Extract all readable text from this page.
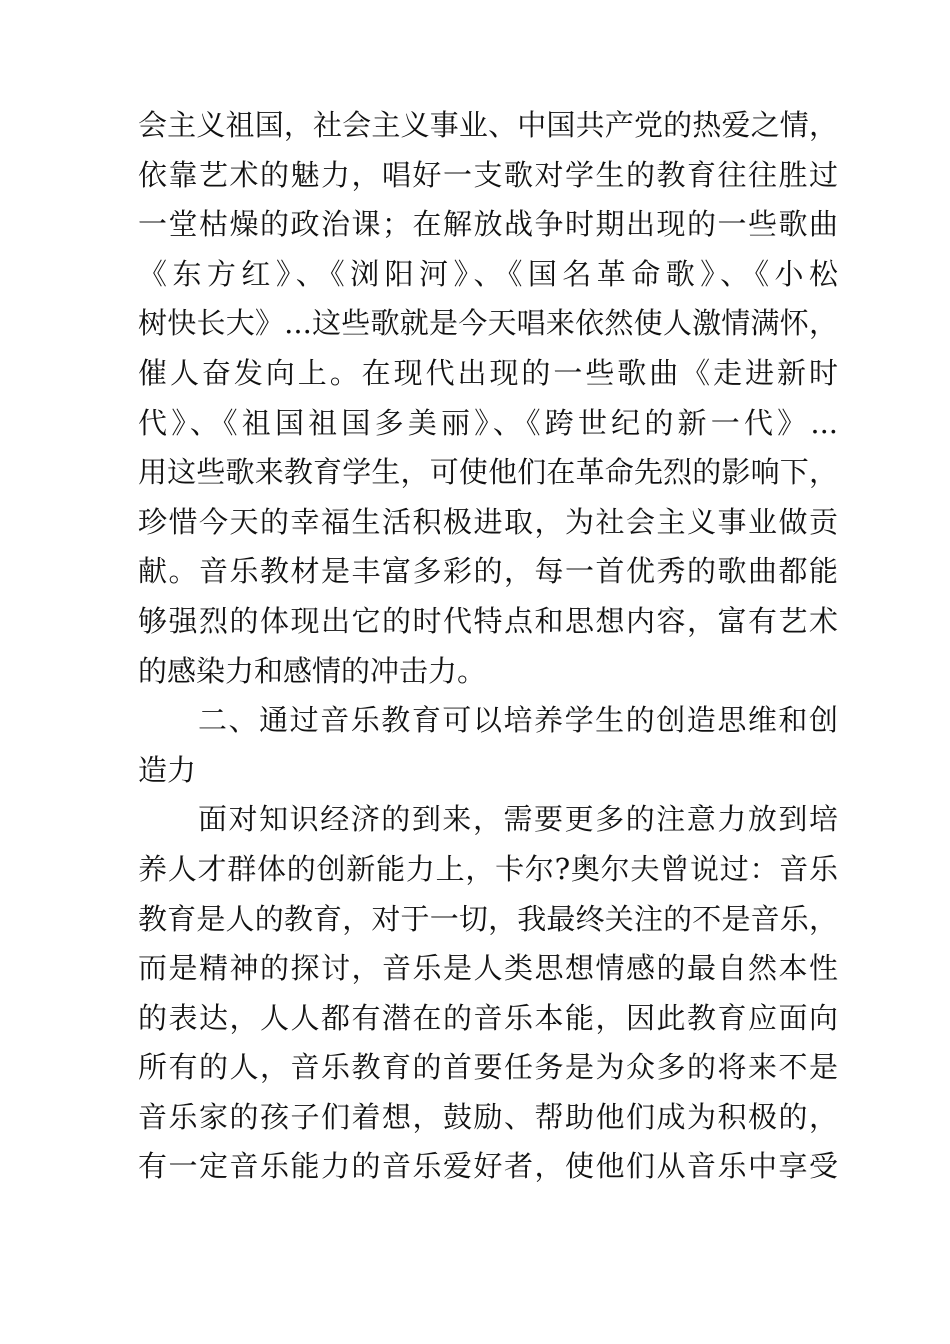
会主义祖国，社会主义事业、中国共产党的热爱之情，
依靠艺术的魅力，唱好一支歌对学生的教育往往胜过
一堂枯燥的政治课；在解放战争时期出现的一些歌曲
《东方红》、《浏阳河》、《国名革命歌》、《小松
树快长大》...这些歌就是今天唱来依然使人激情满怀，
催人奋发向上。在现代出现的一些歌曲《走进新时
代》、《祖国祖国多美丽》、《跨世纪的新一代》...
用这些歌来教育学生，可使他们在革命先烈的影响下，
珍惜今天的幸福生活积极进取，为社会主义事业做贡
献。音乐教材是丰富多彩的，每一首优秀的歌曲都能
够强烈的体现出它的时代特点和思想内容，富有艺术
的感染力和感情的冲击力。
二、通过音乐教育可以培养学生的创造思维和创
造力
面对知识经济的到来，需要更多的注意力放到培
养人才群体的创新能力上，卡尔?奥尔夫曾说过：音乐
教育是人的教育，对于一切，我最终关注的不是音乐，
而是精神的探讨，音乐是人类思想情感的最自然本性
的表达，人人都有潜在的音乐本能，因此教育应面向
所有的人，音乐教育的首要任务是为众多的将来不是
音乐家的孩子们着想，鼓励、帮助他们成为积极的，
有一定音乐能力的音乐爱好者，使他们从音乐中享受
